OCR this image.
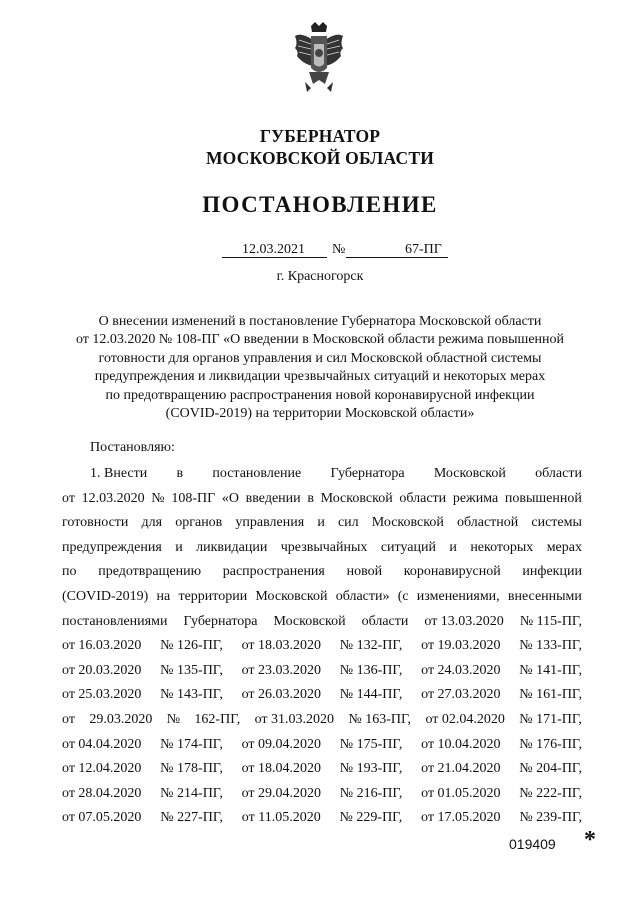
ГУБЕРНАТОР
МОСКОВСКОЙ ОБЛАСТИ
ПОСТАНОВЛЕНИЕ
12.03.2021 №	67-ПГ
г. Красногорск
О внесении изменений в постановление Губернатора Московской области
от 12.03.2020 № 108-ПГ «О введении в Московской области режима повышенной
готовности для органов управления и сил Московской областной системы
предупреждения и ликвидации чрезвычайных ситуаций и некоторых мерах
по предотвращению распространения новой коронавирусной инфекции
(COVID-2019) на территории Московской области»
Постановляю:
1. Внести в постановление Губернатора Московской области
от 12.03.2020 № 108-ПГ «О введении в Московской области режима повышенной
готовности для органов управления и сил Московской областной системы
предупреждения и ликвидации чрезвычайных ситуаций и некоторых мерах
по предотвращению распространения новой коронавирусной инфекции
(COVID-2019) на территории Московской области» (с изменениями, внесенными
постановлениями Губернатора Московской области от 13.03.2020 № 115-ПГ,
от 16.03.2020 № 126-ПГ, от 18.03.2020 № 132-ПГ, от 19.03.2020 № 133-ПГ,
от 20.03.2020 № 135-ПГ, от 23.03.2020 № 136-ПГ, от 24.03.2020 № 141-ПГ,
от 25.03.2020 № 143-ПГ, от 26.03.2020 № 144-ПГ, от 27.03.2020 № 161-ПГ,
от 29.03.2020 № 162-ПГ, от 31.03.2020 № 163-ПГ, от 02.04.2020 № 171-ПГ,
от 04.04.2020 № 174-ПГ, от 09.04.2020 № 175-ПГ, от 10.04.2020 № 176-ПГ,
от 12.04.2020 № 178-ПГ, от 18.04.2020 № 193-ПГ, от 21.04.2020 № 204-ПГ,
от 28.04.2020 № 214-ПГ, от 29.04.2020 № 216-ПГ, от 01.05.2020 № 222-ПГ,
от 07.05.2020 № 227-ПГ, от 11.05.2020 № 229-ПГ, от 17.05.2020 № 239-ПГ,
019409 *
